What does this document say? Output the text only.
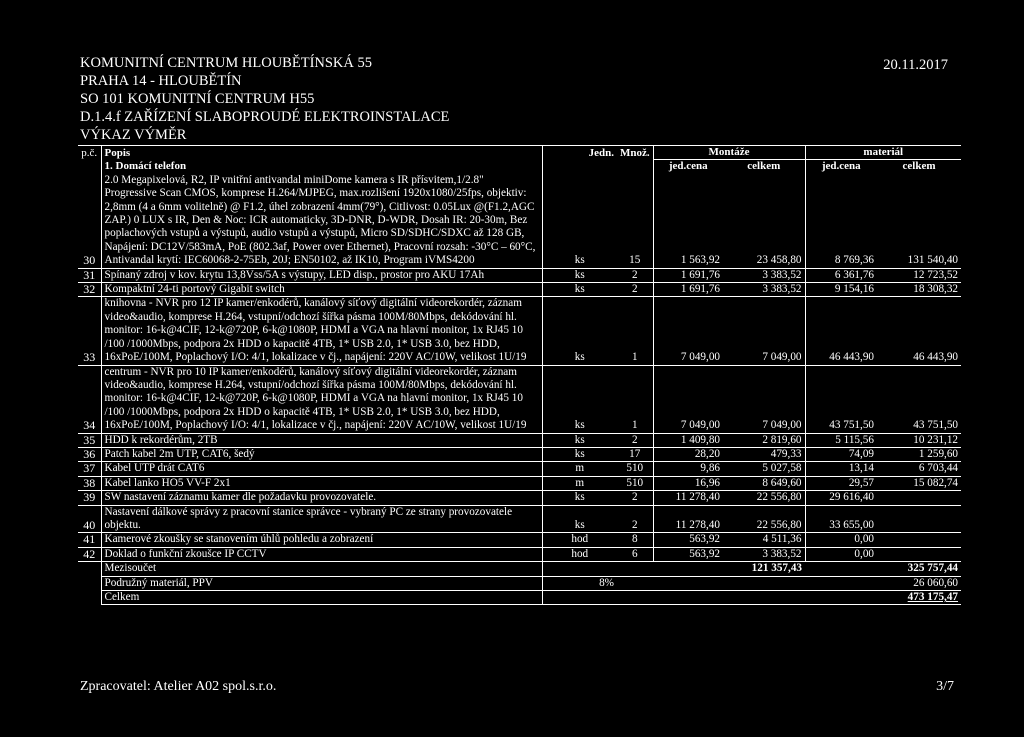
KOMUNITNÍ CENTRUM HLOUBĚTÍNSKÁ 55
PRAHA 14 - HLOUBĚTÍN
SO 101 KOMUNITNÍ CENTRUM H55
D.1.4.f ZAŘÍZENÍ SLABOPROUDÉ ELEKTROINSTALACE
VÝKAZ VÝMĚR
20.11.2017
p.č.	Popis	Jedn.	Množ.	Montáže		materiál	
	1. Domácí telefon			jed.cena	celkem	jed.cena	celkem
30	2.0 Megapixelová, R2, IP vnitřní antivandal miniDome kamera s IR přísvitem,1/2.8" Progressive Scan CMOS, komprese H.264/MJPEG, max.rozlišení 1920x1080/25fps, objektiv: 2,8mm (4 a 6mm volitelně) @ F1.2, úhel zobrazení 4mm(79°), Citlivost: 0.05Lux @(F1.2,AGC ZAP.) 0 LUX s IR, Den & Noc: ICR automaticky, 3D-DNR, D-WDR, Dosah IR: 20-30m, Bez poplachových vstupů a výstupů, audio vstupů a výstupů, Micro SD/SDHC/SDXC až 128 GB, Napájení: DC12V/583mA, PoE (802.3af, Power over Ethernet), Pracovní rozsah: -30°C – 60°C, Antivandal krytí: IEC60068-2-75Eb, 20J; EN50102, až IK10, Program iVMS4200	ks	15	1 563,92	23 458,80	8 769,36	131 540,40
31	Spínaný zdroj v kov. krytu 13,8Vss/5A s výstupy, LED disp., prostor pro AKU 17Ah	ks	2	1 691,76	3 383,52	6 361,76	12 723,52
32	Kompaktní 24-ti portový Gigabit switch	ks	2	1 691,76	3 383,52	9 154,16	18 308,32
33	knihovna - NVR pro 12 IP kamer/enkodérů, kanálový síťový digitální videorekordér, záznam video&audio, komprese H.264, vstupní/odchozí šířka pásma 100M/80Mbps, dekódování hl. monitor: 16-k@4CIF, 12-k@720P, 6-k@1080P, HDMI a VGA na hlavní monitor, 1x RJ45 10 /100 /1000Mbps, podpora 2x HDD o kapacitě 4TB, 1* USB 2.0, 1* USB 3.0, bez HDD, 16xPoE/100M, Poplachový I/O: 4/1, lokalizace v čj., napájení: 220V AC/10W, velikost 1U/19	ks	1	7 049,00	7 049,00	46 443,90	46 443,90
34	centrum - NVR pro 10 IP kamer/enkodérů, kanálový síťový digitální videorekordér, záznam video&audio, komprese H.264, vstupní/odchozí šířka pásma 100M/80Mbps, dekódování hl. monitor: 16-k@4CIF, 12-k@720P, 6-k@1080P, HDMI a VGA na hlavní monitor, 1x RJ45 10 /100 /1000Mbps, podpora 2x HDD o kapacitě 4TB, 1* USB 2.0, 1* USB 3.0, bez HDD, 16xPoE/100M, Poplachový I/O: 4/1, lokalizace v čj., napájení: 220V AC/10W, velikost 1U/19	ks	1	7 049,00	7 049,00	43 751,50	43 751,50
35	HDD k rekordérům, 2TB	ks	2	1 409,80	2 819,60	5 115,56	10 231,12
36	Patch kabel 2m UTP, CAT6, šedý	ks	17	28,20	479,33	74,09	1 259,60
37	Kabel UTP drát CAT6	m	510	9,86	5 027,58	13,14	6 703,44
38	Kabel lanko HO5 VV-F 2x1	m	510	16,96	8 649,60	29,57	15 082,74
39	SW nastavení záznamu kamer dle požadavku provozovatele.	ks	2	11 278,40	22 556,80	29 616,40	
40	Nastavení dálkové správy z pracovní stanice správce - vybraný PC ze strany provozovatele objektu.	ks	2	11 278,40	22 556,80	33 655,00	
41	Kamerové zkoušky se stanovením úhlů pohledu a zobrazení	hod	8	563,92	4 511,36	0,00	
42	Doklad o funkční zkoušce IP CCTV	hod	6	563,92	3 383,52	0,00	
	Mezisoučet				121 357,43		325 757,44
	Podružný materiál, PPV	8%					26 060,60
	Celkem						473 175,47
Zpracovatel: Atelier A02 spol.s.r.o.	3/7
